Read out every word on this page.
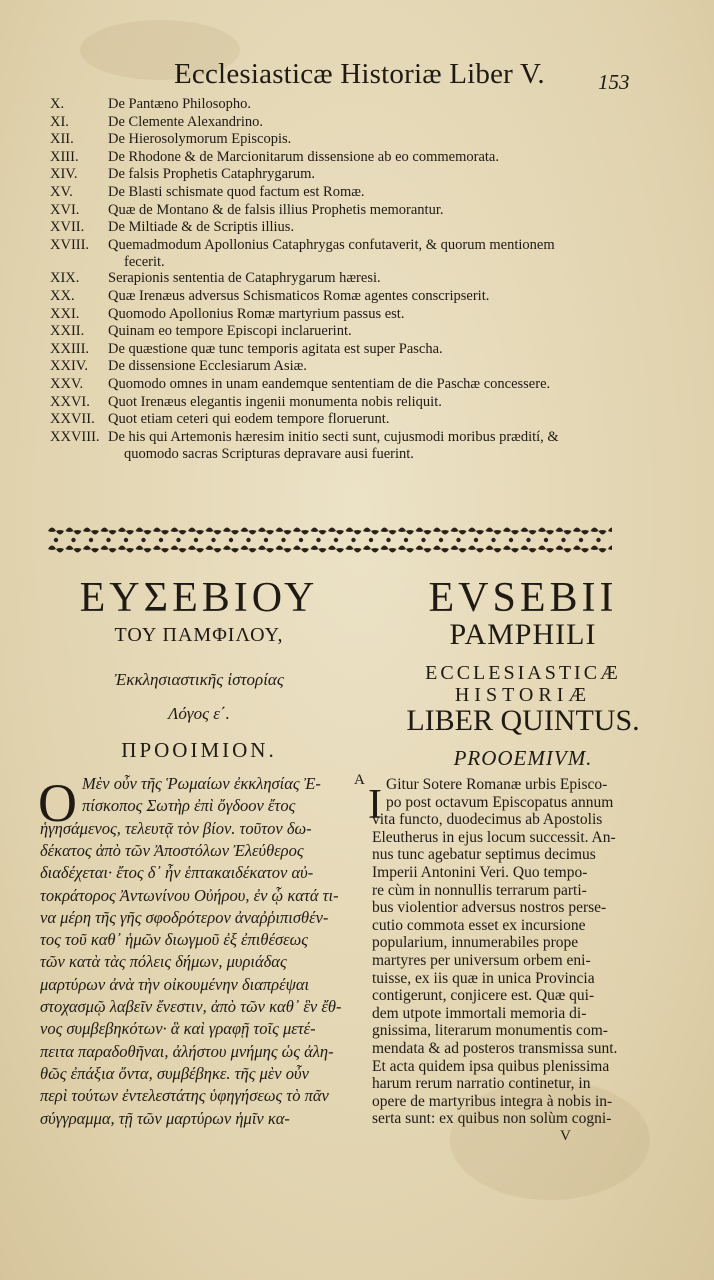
Ecclesiasticæ Historiæ Liber V.	153
X.	De Pantæno Philosopho.
XI.	De Clemente Alexandrino.
XII. De Hierosolymorum Episcopis.
XIII. De Rhodone & de Marcionitarum dissensione ab eo commemorata.
XIV. De falsis Prophetis Cataphrygarum.
XV. De Blasti schismate quod factum est Romæ.
XVI. Quæ de Montano & de falsis illius Prophetis memorantur.
XVII. De Miltiade & de Scriptis illius.
XVIII. Quemadmodum Apollonius Cataphrygas confutaverit, & quorum mentionem
fecerit.
XIX. Serapionis sententia de Cataphrygarum hæresi.
XX. Quæ Irenæus adversus Schismaticos Romæ agentes conscripserit.
XXI. Quomodo Apollonius Romæ martyrium passus est.
XXII. Quinam eo tempore Episcopi inclaruerint.
XXIII. De quæstione quæ tunc temporis agitata est super Pascha.
XXIV. De dissensione Ecclesiarum Asiæ.
XXV. Quomodo omnes in unam eandemque sententiam de die Paschæ concessere.
XXVI. Quot Irenæus elegantis ingenii monumenta nobis reliquit.
XXVII. Quot etiam ceteri qui eodem tempore floruerunt.
XXVIII. De his qui Artemonis hæresim initio secti sunt, cujusmodi moribus prædití, &
quomodo sacras Scripturas depravare ausi fuerint.
ΕΥΣΕΒΙΟΥ
ΤΟΥ ΠΑΜΦΙΛΟΥ,
Ἐκκλησιαστικῆς ἱστορίας
Λόγος ε΄.
ΠΡΟΟΙΜΙΟΝ.
EVSEBII
PAMPHILI
ECCLESIASTICÆ
HISTORIÆ
LIBER QUINTUS.
PROOEMIVM.
O	A
Μὲν οὖν τῆς Ῥωμαίων ἐκκλησίας Ἐ-
πίσκοπος Σωτὴρ ἐπὶ ὄγδοον ἔτος
ἡγησάμενος, τελευτᾷ τὸν βίον. τοῦτον δω-
δέκατος ἀπὸ τῶν Ἀποστόλων Ἐλεύθερος
διαδέχεται· ἔτος δ᾽ ἦν ἑπτακαιδέκατον αὐ-
τοκράτορος Ἀντωνίνου Οὐήρου, ἐν ᾧ κατά τι-
να μέρη τῆς γῆς σφοδρότερον ἀναῤῥιπισθέν-
τος τοῦ καθ᾽ ἡμῶν διωγμοῦ ἐξ ἐπιθέσεως
τῶν κατὰ τὰς πόλεις δήμων, μυριάδας
μαρτύρων ἀνὰ τὴν οἰκουμένην διαπρέψαι
στοχασμῷ λαβεῖν ἔνεστιν, ἀπὸ τῶν καθ᾽ ἓν ἔθ-
νος συμβεβηκότων· ἃ καὶ γραφῇ τοῖς μετέ-
πειτα παραδοθῆναι, ἀλήστου μνήμης ὡς ἀλη-
θῶς ἐπάξια ὄντα, συμβέβηκε. τῆς μὲν οὖν
περὶ τούτων ἐντελεστάτης ὑφηγήσεως τὸ πᾶν
σύγγραμμα, τῇ τῶν μαρτύρων ἡμῖν κα-
I Gitur Sotere Romanæ urbis Episco-
po post octavum Episcopatus annum
vita functo, duodecimus ab Apostolis
Eleutherus in ejus locum successit. An-
nus tunc agebatur septimus decimus
Imperii Antonini Veri. Quo tempo-
re cùm in nonnullis terrarum parti-
bus violentior adversus nostros perse-
cutio commota esset ex incursione
popularium, innumerabiles prope
martyres per universum orbem eni-
tuisse, ex iis quæ in unica Provincia
contigerunt, conjicere est. Quæ qui-
dem utpote immortali memoria di-
gnissima, literarum monumentis com-
mendata & ad posteros transmissa sunt.
Et acta quidem ipsa quibus plenissima
harum rerum narratio continetur, in
opere de martyribus integra à nobis in-
serta sunt: ex quibus non solùm cogni-
V
